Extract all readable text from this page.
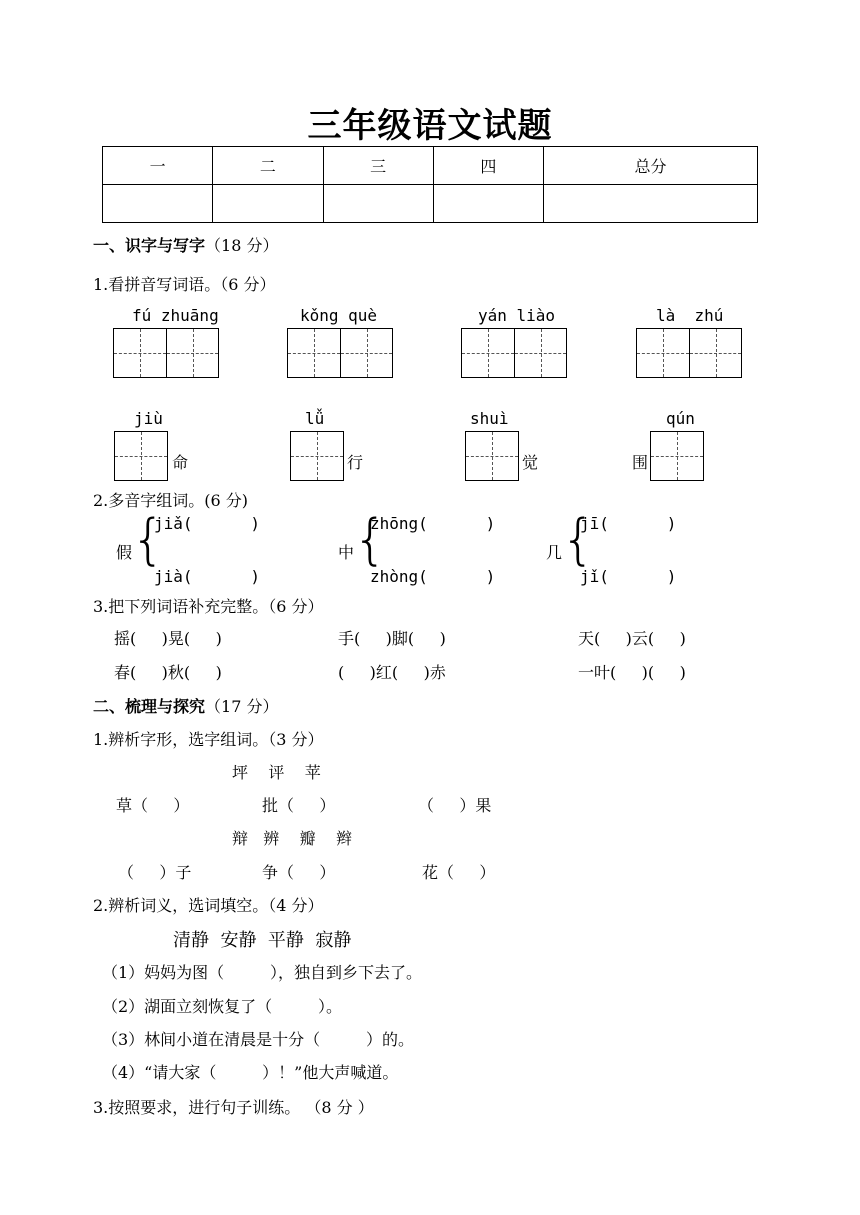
三年级语文试题
一	二	三	四	总分

一、识字与写字（18 分）
1.看拼音写词语。（6 分）
fú zhuāng	kǒng què	yán liào	là  zhú
jiù	lǚ	shuì	qún
命	行	觉	围
2.多音字组词。(6 分)
假
{
jiǎ(      )
jià(      )
中
{
zhōng(      )
zhòng(      )
几
{
jī(      )
jǐ(      )
3.把下列词语补充完整。（6 分）
摇(     )晃(     )	手(     )脚(     )	天(     )云(     )
春(     )秋(     )	(     )红(     )赤	一叶(     )(     )
二、梳理与探究（17 分）
1.辨析字形，选字组词。（3 分）
坪    评    苹
草（     ）	批（     ）	（     ）果
辩   辨    瓣    辫
（     ）子	争（     ）	花（     ）
2.辨析词义，选词填空。（4 分）
清静  安静  平静  寂静
（1）妈妈为图（         ），独自到乡下去了。
（2）湖面立刻恢复了（         ）。
（3）林间小道在清晨是十分（         ）的。
（4）“请大家（         ）！”他大声喊道。
3.按照要求，进行句子训练。 （8 分 ）
